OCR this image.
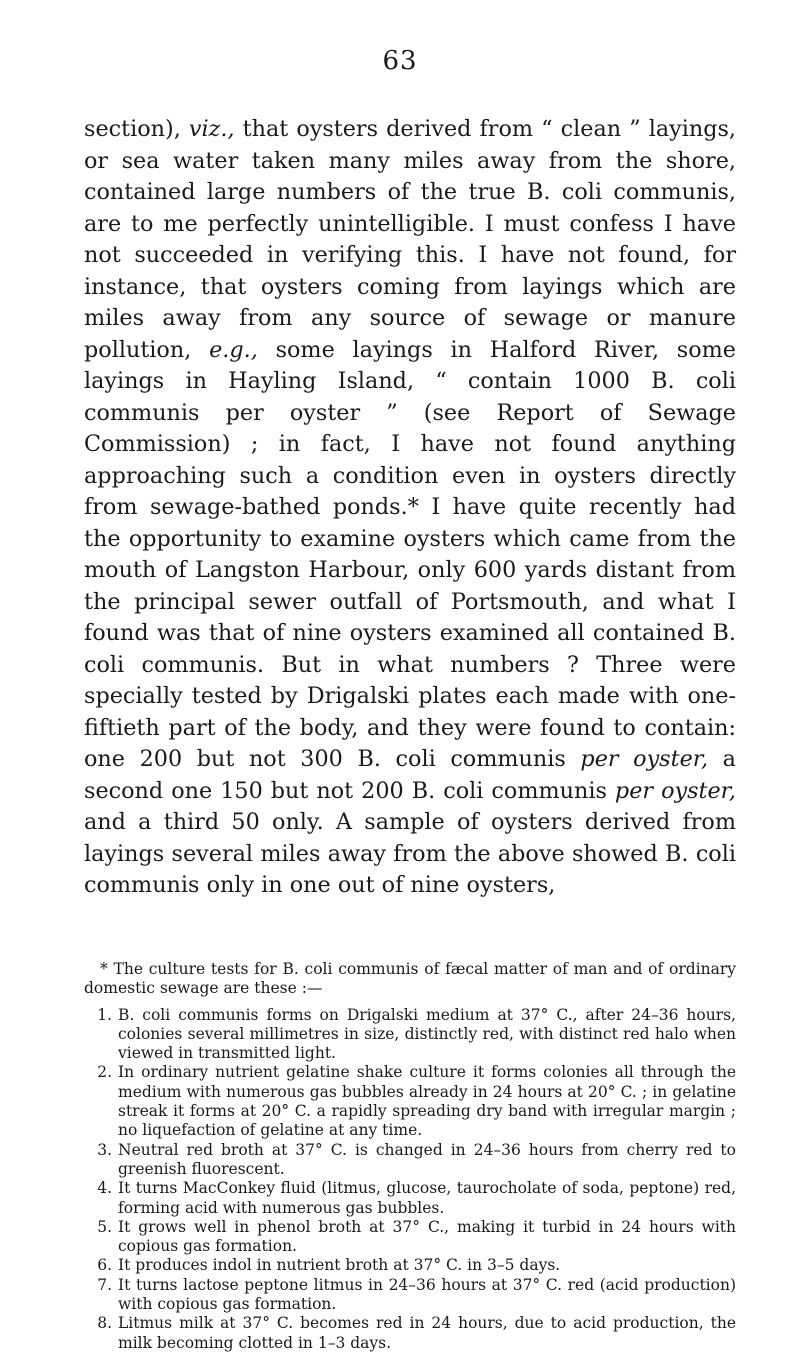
63

section), viz., that oysters derived from “ clean ” layings, or sea water taken many miles away from the shore, contained large numbers of the true B. coli communis, are to me perfectly unintelligible. I must confess I have not succeeded in verifying this. I have not found, for instance, that oysters coming from layings which are miles away from any source of sewage or manure pollution, e.g., some layings in Halford River, some layings in Hayling Island, “ contain 1000 B. coli communis per oyster ” (see Report of Sewage Commission) ; in fact, I have not found anything approaching such a condition even in oysters directly from sewage-bathed ponds.* I have quite recently had the opportunity to examine oysters which came from the mouth of Langston Harbour, only 600 yards distant from the principal sewer outfall of Portsmouth, and what I found was that of nine oysters examined all contained B. coli communis. But in what numbers ? Three were specially tested by Drigalski plates each made with one-fiftieth part of the body, and they were found to contain: one 200 but not 300 B. coli communis per oyster, a second one 150 but not 200 B. coli communis per oyster, and a third 50 only. A sample of oysters derived from layings several miles away from the above showed B. coli communis only in one out of nine oysters,

* The culture tests for B. coli communis of fæcal matter of man and of ordinary domestic sewage are these :—

1. B. coli communis forms on Drigalski medium at 37° C., after 24–36 hours, colonies several millimetres in size, distinctly red, with distinct red halo when viewed in transmitted light.
2. In ordinary nutrient gelatine shake culture it forms colonies all through the medium with numerous gas bubbles already in 24 hours at 20° C. ; in gelatine streak it forms at 20° C. a rapidly spreading dry band with irregular margin ; no liquefaction of gelatine at any time.
3. Neutral red broth at 37° C. is changed in 24–36 hours from cherry red to greenish fluorescent.
4. It turns MacConkey fluid (litmus, glucose, taurocholate of soda, peptone) red, forming acid with numerous gas bubbles.
5. It grows well in phenol broth at 37° C., making it turbid in 24 hours with copious gas formation.
6. It produces indol in nutrient broth at 37° C. in 3–5 days.
7. It turns lactose peptone litmus in 24–36 hours at 37° C. red (acid production) with copious gas formation.
8. Litmus milk at 37° C. becomes red in 24 hours, due to acid production, the milk becoming clotted in 1–3 days.
